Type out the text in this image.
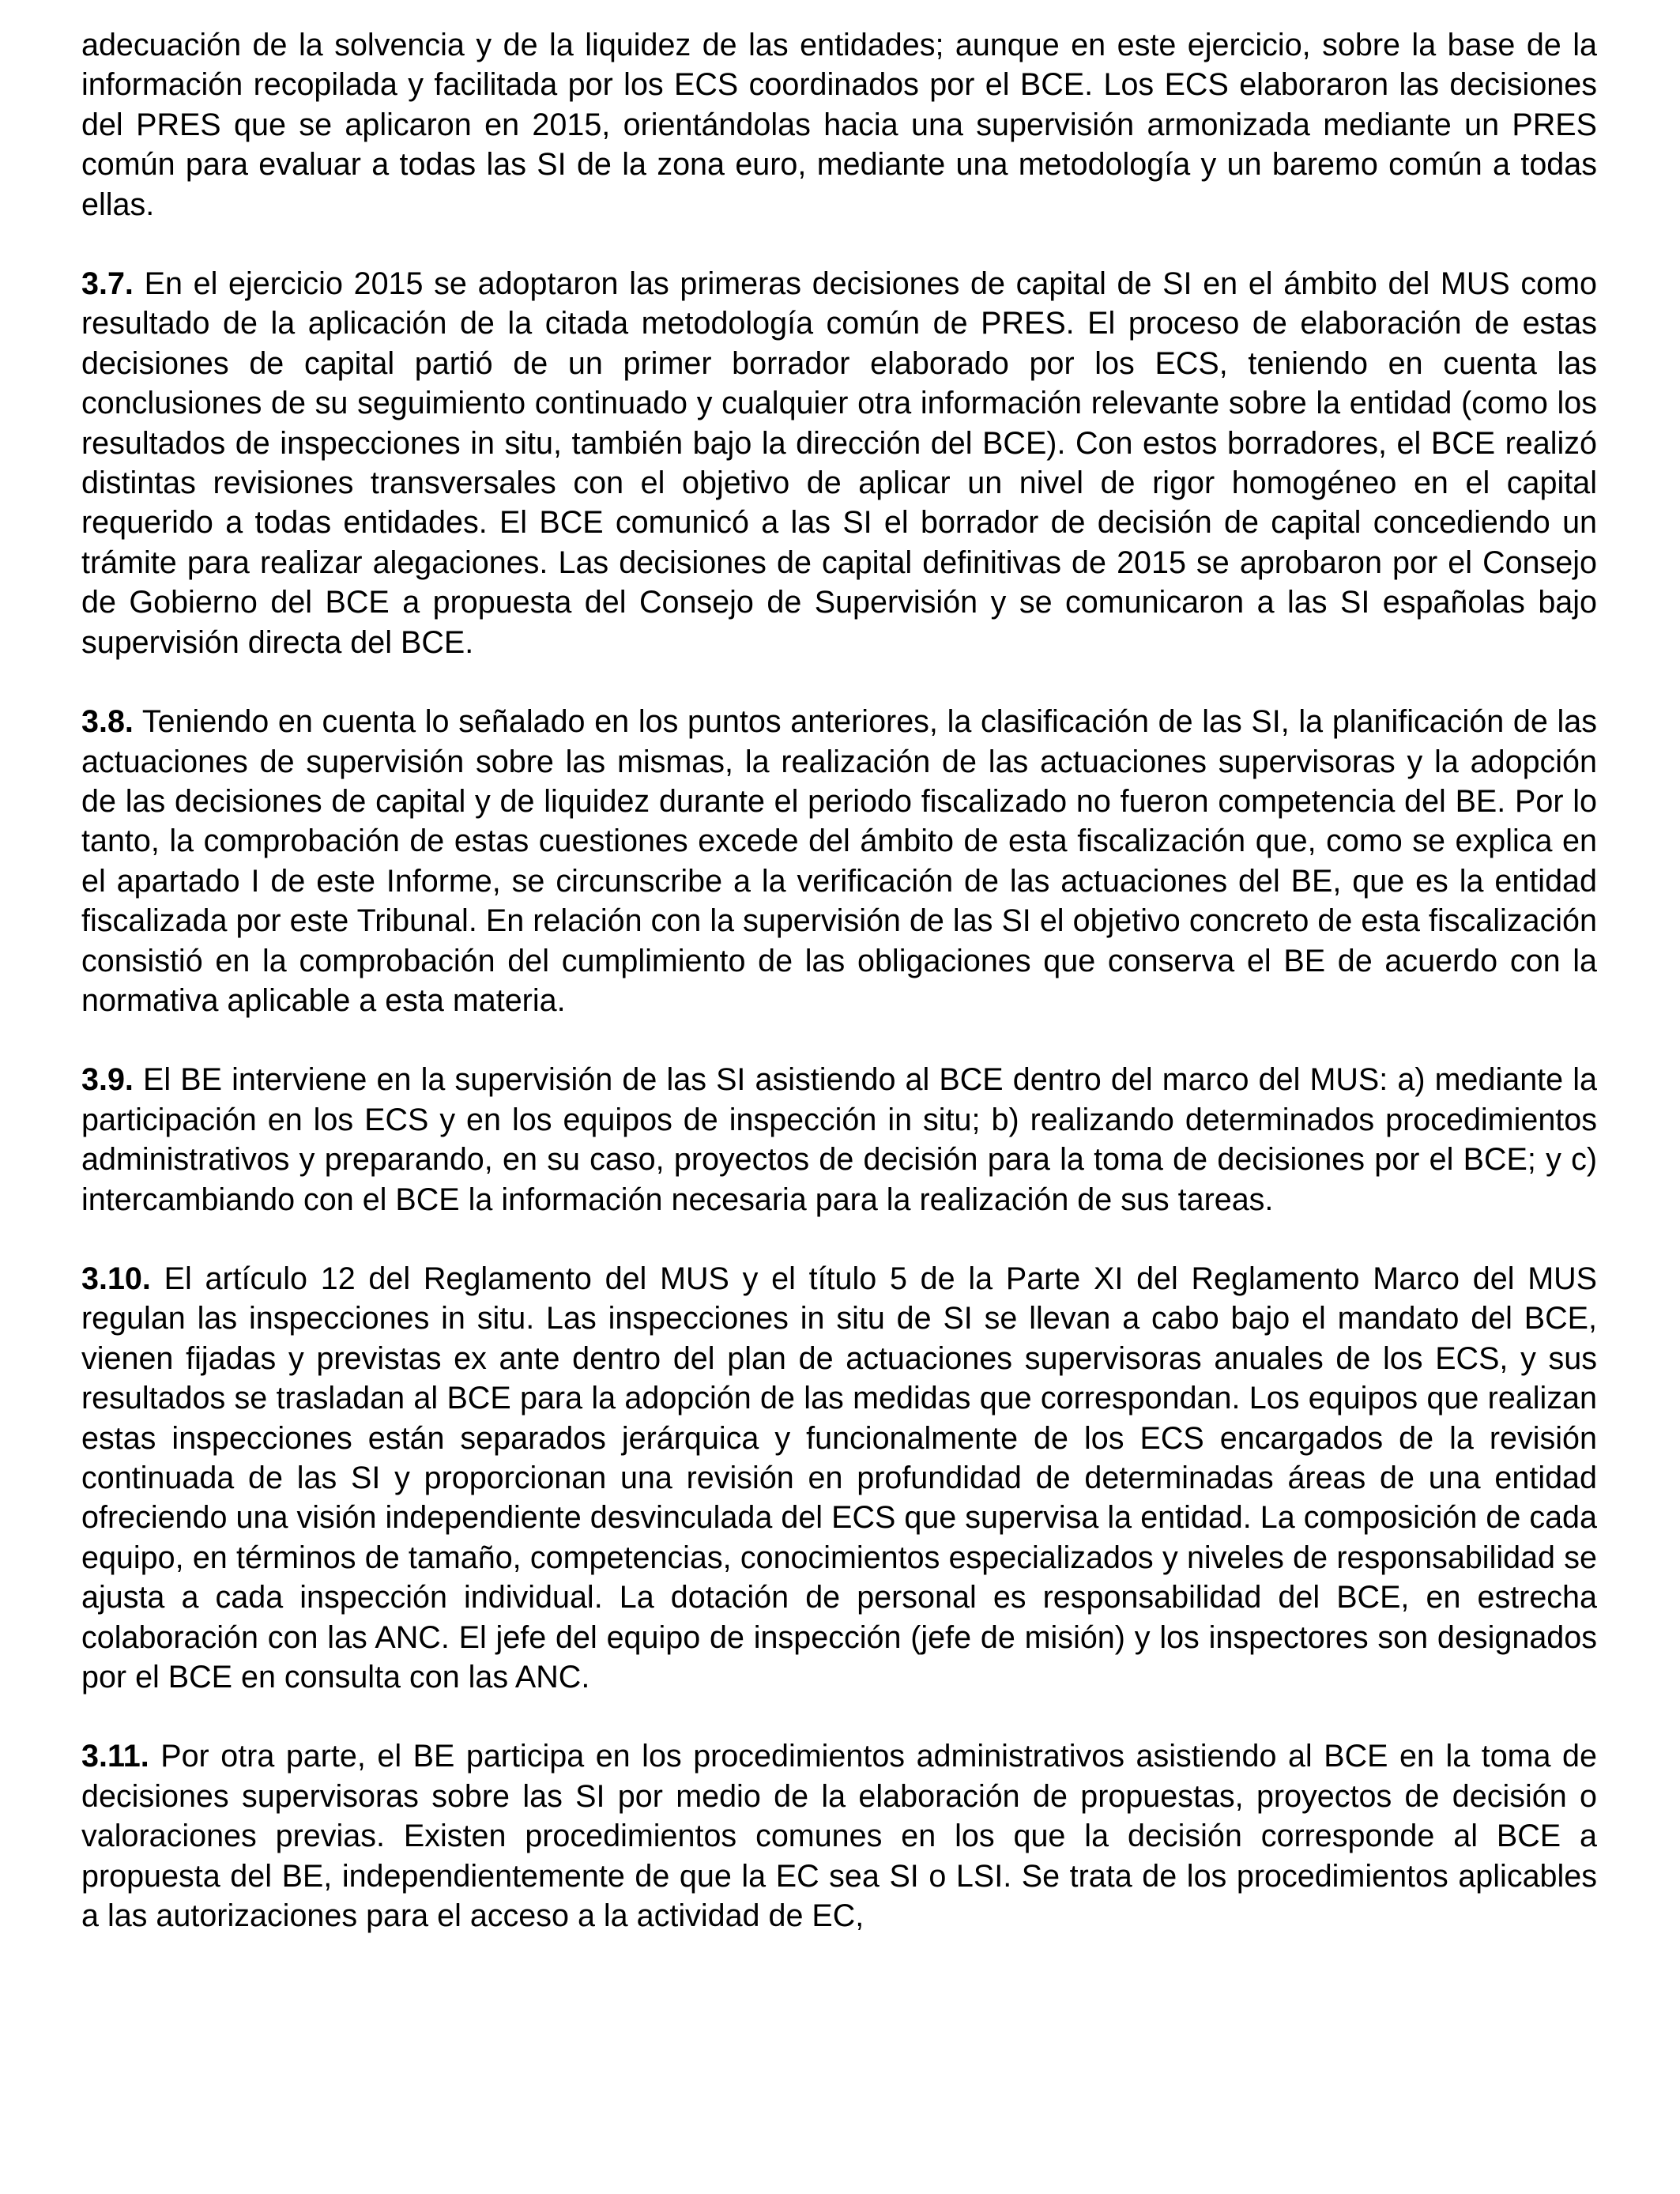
adecuación de la solvencia y de la liquidez de las entidades; aunque en este ejercicio, sobre la base de la información recopilada y facilitada por los ECS coordinados por el BCE. Los ECS elaboraron las decisiones del PRES que se aplicaron en 2015, orientándolas hacia una supervisión armonizada mediante un PRES común para evaluar a todas las SI de la zona euro, mediante una metodología y un baremo común a todas ellas.

3.7. En el ejercicio 2015 se adoptaron las primeras decisiones de capital de SI en el ámbito del MUS como resultado de la aplicación de la citada metodología común de PRES. El proceso de elaboración de estas decisiones de capital partió de un primer borrador elaborado por los ECS, teniendo en cuenta las conclusiones de su seguimiento continuado y cualquier otra información relevante sobre la entidad (como los resultados de inspecciones in situ, también bajo la dirección del BCE). Con estos borradores, el BCE realizó distintas revisiones transversales con el objetivo de aplicar un nivel de rigor homogéneo en el capital requerido a todas entidades. El BCE comunicó a las SI el borrador de decisión de capital concediendo un trámite para realizar alegaciones. Las decisiones de capital definitivas de 2015 se aprobaron por el Consejo de Gobierno del BCE a propuesta del Consejo de Supervisión y se comunicaron a las SI españolas bajo supervisión directa del BCE.

3.8. Teniendo en cuenta lo señalado en los puntos anteriores, la clasificación de las SI, la planificación de las actuaciones de supervisión sobre las mismas, la realización de las actuaciones supervisoras y la adopción de las decisiones de capital y de liquidez durante el periodo fiscalizado no fueron competencia del BE. Por lo tanto, la comprobación de estas cuestiones excede del ámbito de esta fiscalización que, como se explica en el apartado I de este Informe, se circunscribe a la verificación de las actuaciones del BE, que es la entidad fiscalizada por este Tribunal. En relación con la supervisión de las SI el objetivo concreto de esta fiscalización consistió en la comprobación del cumplimiento de las obligaciones que conserva el BE de acuerdo con la normativa aplicable a esta materia.

3.9. El BE interviene en la supervisión de las SI asistiendo al BCE dentro del marco del MUS: a) mediante la participación en los ECS y en los equipos de inspección in situ; b) realizando determinados procedimientos administrativos y preparando, en su caso, proyectos de decisión para la toma de decisiones por el BCE; y c) intercambiando con el BCE la información necesaria para la realización de sus tareas.

3.10. El artículo 12 del Reglamento del MUS y el título 5 de la Parte XI del Reglamento Marco del MUS regulan las inspecciones in situ. Las inspecciones in situ de SI se llevan a cabo bajo el mandato del BCE, vienen fijadas y previstas ex ante dentro del plan de actuaciones supervisoras anuales de los ECS, y sus resultados se trasladan al BCE para la adopción de las medidas que correspondan. Los equipos que realizan estas inspecciones están separados jerárquica y funcionalmente de los ECS encargados de la revisión continuada de las SI y proporcionan una revisión en profundidad de determinadas áreas de una entidad ofreciendo una visión independiente desvinculada del ECS que supervisa la entidad. La composición de cada equipo, en términos de tamaño, competencias, conocimientos especializados y niveles de responsabilidad se ajusta a cada inspección individual. La dotación de personal es responsabilidad del BCE, en estrecha colaboración con las ANC. El jefe del equipo de inspección (jefe de misión) y los inspectores son designados por el BCE en consulta con las ANC.

3.11. Por otra parte, el BE participa en los procedimientos administrativos asistiendo al BCE en la toma de decisiones supervisoras sobre las SI por medio de la elaboración de propuestas, proyectos de decisión o valoraciones previas. Existen procedimientos comunes en los que la decisión corresponde al BCE a propuesta del BE, independientemente de que la EC sea SI o LSI. Se trata de los procedimientos aplicables a las autorizaciones para el acceso a la actividad de EC,
